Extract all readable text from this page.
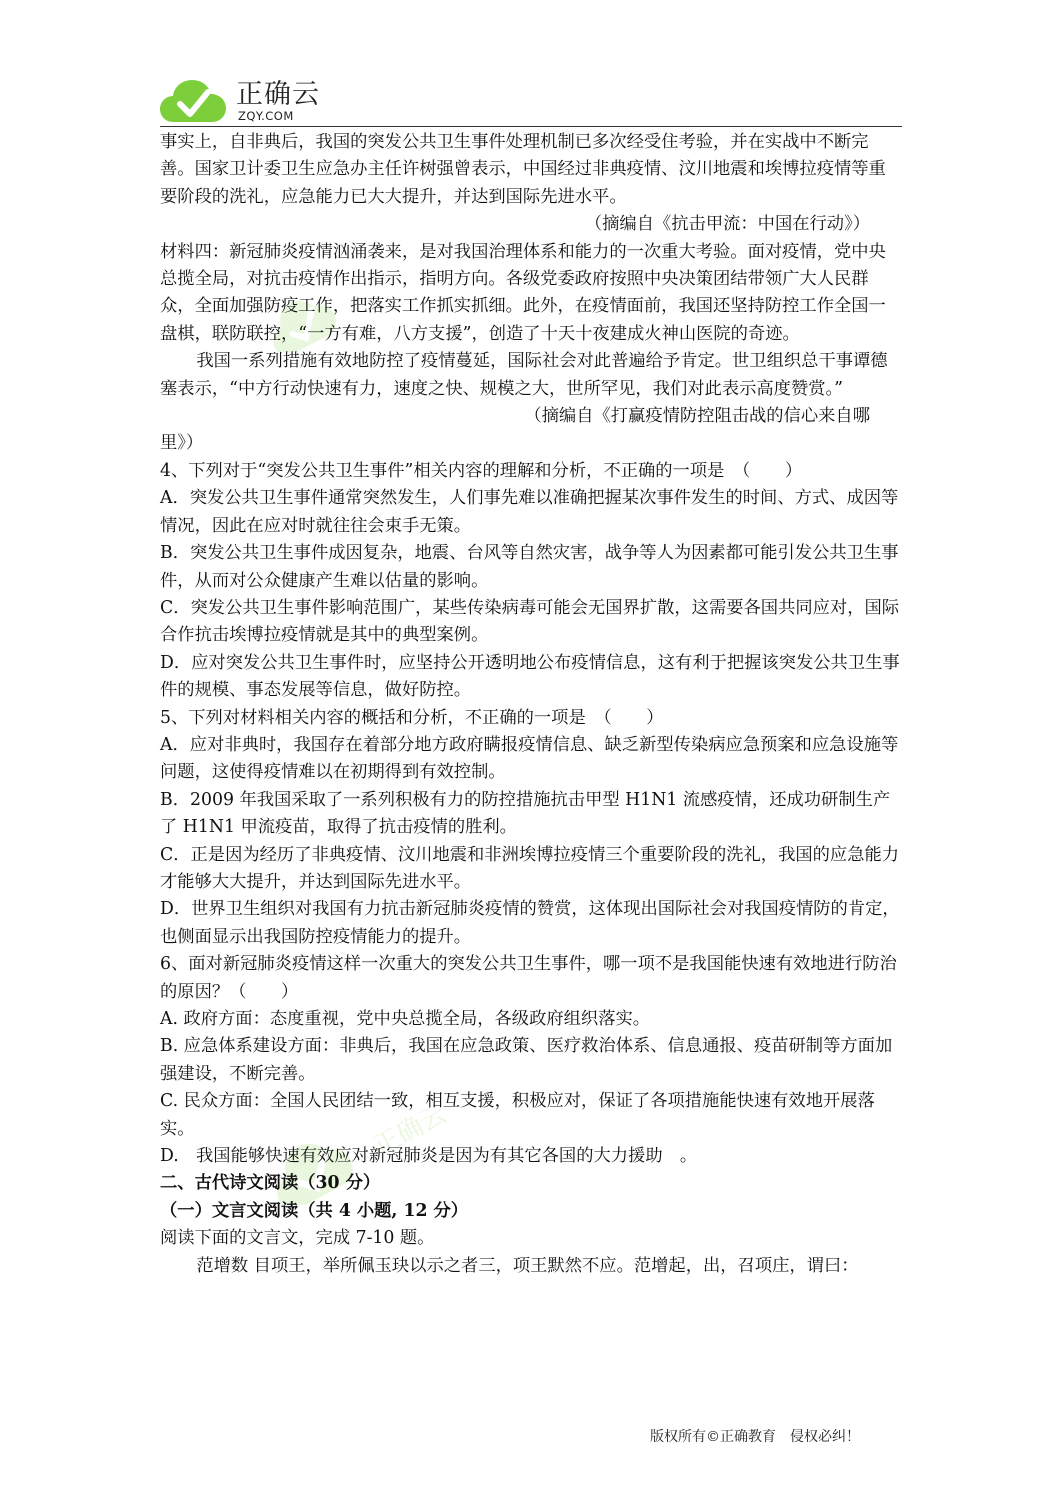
正确云
ZQY.COM
正确云

事实上，自非典后，我国的突发公共卫生事件处理机制已多次经受住考验，并在实战中不断完善。国家卫计委卫生应急办主任许树强曾表示，中国经过非典疫情、汶川地震和埃博拉疫情等重要阶段的洗礼，应急能力已大大提升，并达到国际先进水平。

（摘编自《抗击甲流：中国在行动》）

材料四：新冠肺炎疫情汹涌袭来，是对我国治理体系和能力的一次重大考验。面对疫情，党中央总揽全局，对抗击疫情作出指示，指明方向。各级党委政府按照中央决策团结带领广大人民群众，全面加强防疫工作，把落实工作抓实抓细。此外，在疫情面前，我国还坚持防控工作全国一盘棋，联防联控，“一方有难，八方支援”，创造了十天十夜建成火神山医院的奇迹。

我国一系列措施有效地防控了疫情蔓延，国际社会对此普遍给予肯定。世卫组织总干事谭德塞表示，“中方行动快速有力，速度之快、规模之大，世所罕见，我们对此表示高度赞赏。”

（摘编自《打赢疫情防控阻击战的信心来自哪

里》）

4、下列对于“突发公共卫生事件”相关内容的理解和分析，不正确的一项是　（　　）

A．突发公共卫生事件通常突然发生，人们事先难以准确把握某次事件发生的时间、方式、成因等情况，因此在应对时就往往会束手无策。

B．突发公共卫生事件成因复杂，地震、台风等自然灾害，战争等人为因素都可能引发公共卫生事件，从而对公众健康产生难以估量的影响。

C．突发公共卫生事件影响范围广，某些传染病毒可能会无国界扩散，这需要各国共同应对，国际合作抗击埃博拉疫情就是其中的典型案例。

D．应对突发公共卫生事件时，应坚持公开透明地公布疫情信息，这有利于把握该突发公共卫生事件的规模、事态发展等信息，做好防控。

5、下列对材料相关内容的概括和分析，不正确的一项是　（　　）

A．应对非典时，我国存在着部分地方政府瞒报疫情信息、缺乏新型传染病应急预案和应急设施等问题，这使得疫情难以在初期得到有效控制。

B．2009 年我国采取了一系列积极有力的防控措施抗击甲型 H1N1 流感疫情，还成功研制生产了 H1N1 甲流疫苗，取得了抗击疫情的胜利。

C．正是因为经历了非典疫情、汶川地震和非洲埃博拉疫情三个重要阶段的洗礼，我国的应急能力才能够大大提升，并达到国际先进水平。

D．世界卫生组织对我国有力抗击新冠肺炎疫情的赞赏，这体现出国际社会对我国疫情防的肯定，也侧面显示出我国防控疫情能力的提升。

6、面对新冠肺炎疫情这样一次重大的突发公共卫生事件，哪一项不是我国能快速有效地进行防治的原因？（　　）

A. 政府方面：态度重视，党中央总揽全局，各级政府组织落实。

B. 应急体系建设方面：非典后，我国在应急政策、医疗救治体系、信息通报、疫苗研制等方面加强建设，不断完善。

C. 民众方面：全国人民团结一致，相互支援，积极应对，保证了各项措施能快速有效地开展落实。

D.　我国能够快速有效应对新冠肺炎是因为有其它各国的大力援助　。

二、古代诗文阅读（30 分）

（一）文言文阅读（共 4 小题, 12 分）

阅读下面的文言文，完成 7-10 题。

范增数 目项王，举所佩玉玦以示之者三，项王默然不应。范增起，出，召项庄，谓曰：

版权所有©正确教育　侵权必纠！
